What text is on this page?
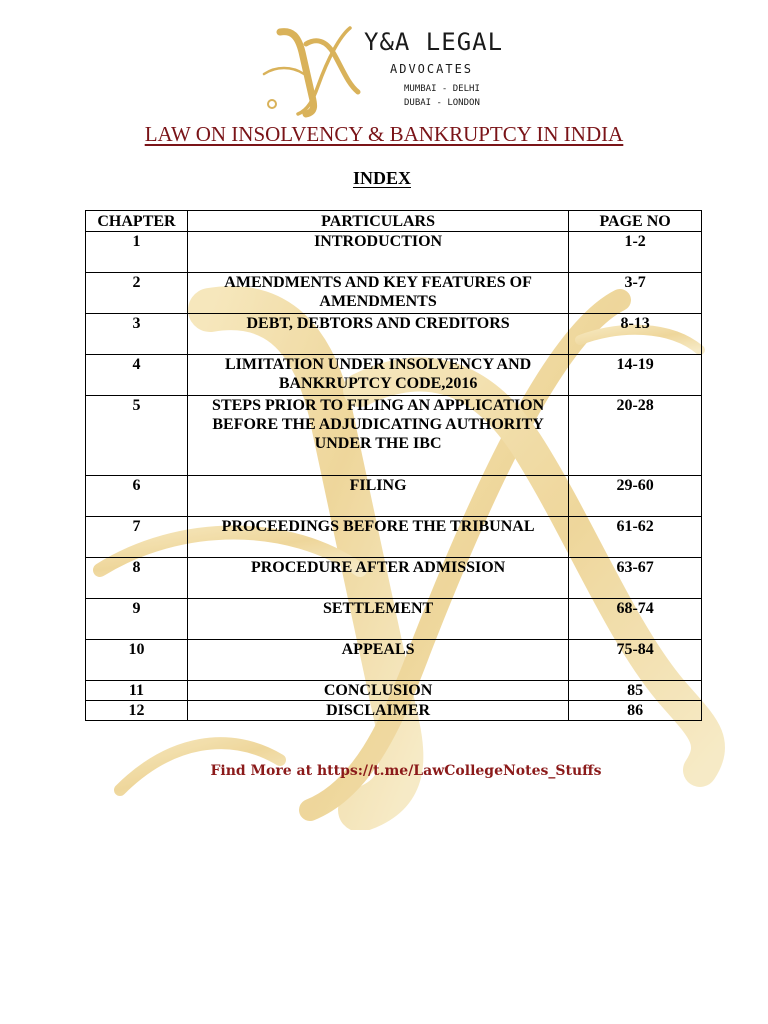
Y&A LEGAL
ADVOCATES
MUMBAI - DELHI
DUBAI - LONDON
LAW ON INSOLVENCY & BANKRUPTCY IN INDIA
INDEX
CHAPTER	PARTICULARS	PAGE NO
1	INTRODUCTION	1-2
2	AMENDMENTS AND KEY FEATURES OF AMENDMENTS	3-7
3	DEBT, DEBTORS AND CREDITORS	8-13
4	LIMITATION UNDER INSOLVENCY AND BANKRUPTCY CODE,2016	14-19
5	STEPS PRIOR TO FILING AN APPLICATION BEFORE THE ADJUDICATING AUTHORITY UNDER THE IBC	20-28
6	FILING	29-60
7	PROCEEDINGS BEFORE THE TRIBUNAL	61-62
8	PROCEDURE AFTER ADMISSION	63-67
9	SETTLEMENT	68-74
10	APPEALS	75-84
11	CONCLUSION	85
12	DISCLAIMER	86
Find More at https://t.me/LawCollegeNotes_Stuffs
